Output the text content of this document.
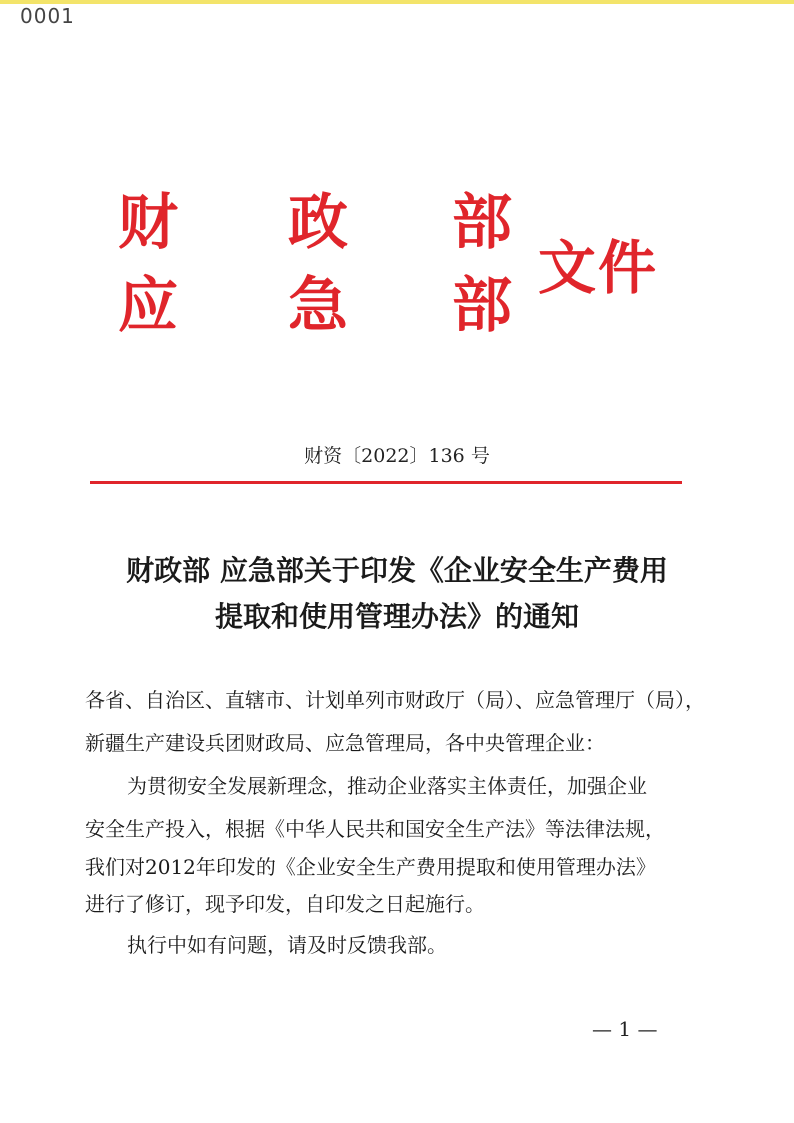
0001
财 政 部
应 急 部
文件
财资〔2022〕136 号
财政部 应急部关于印发《企业安全生产费用
提取和使用管理办法》的通知
各省、自治区、直辖市、计划单列市财政厅（局）、应急管理厅（局），
新疆生产建设兵团财政局、应急管理局，各中央管理企业：
为贯彻安全发展新理念，推动企业落实主体责任，加强企业
安全生产投入，根据《中华人民共和国安全生产法》等法律法规，
我们对2012年印发的《企业安全生产费用提取和使用管理办法》
进行了修订，现予印发，自印发之日起施行。
执行中如有问题，请及时反馈我部。
— 1 —
